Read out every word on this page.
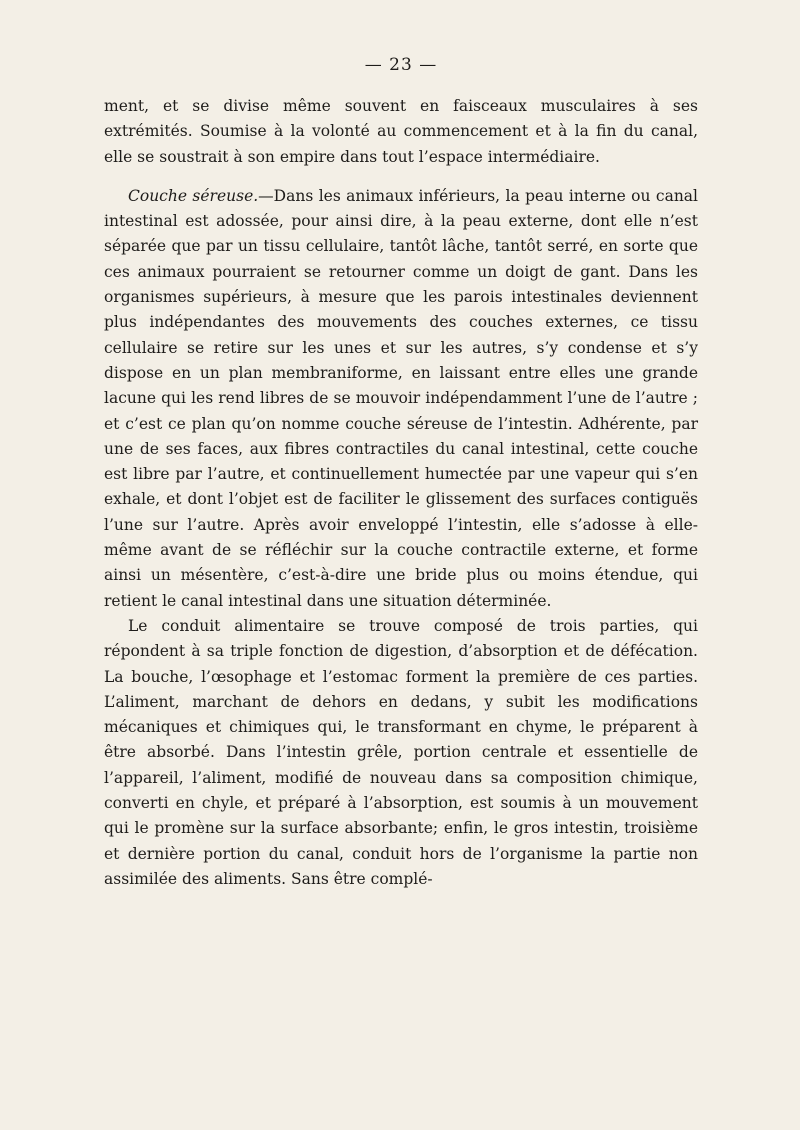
— 23 —

ment, et se divise même souvent en faisceaux musculaires à ses extrémités. Soumise à la volonté au commencement et à la fin du canal, elle se soustrait à son empire dans tout l’espace intermédiaire.

Couche séreuse.—Dans les animaux inférieurs, la peau interne ou canal intestinal est adossée, pour ainsi dire, à la peau externe, dont elle n’est séparée que par un tissu cellulaire, tantôt lâche, tantôt serré, en sorte que ces animaux pourraient se retourner comme un doigt de gant. Dans les organismes supérieurs, à mesure que les parois intestinales deviennent plus indépendantes des mouvements des couches externes, ce tissu cellulaire se retire sur les unes et sur les autres, s’y condense et s’y dispose en un plan membraniforme, en laissant entre elles une grande lacune qui les rend libres de se mouvoir indépendamment l’une de l’autre ; et c’est ce plan qu’on nomme couche séreuse de l’intestin. Adhérente, par une de ses faces, aux fibres contractiles du canal intestinal, cette couche est libre par l’autre, et continuellement humectée par une vapeur qui s’en exhale, et dont l’objet est de faciliter le glissement des surfaces contiguës l’une sur l’autre. Après avoir enveloppé l’intestin, elle s’adosse à elle-même avant de se réfléchir sur la couche contractile externe, et forme ainsi un mésentère, c’est-à-dire une bride plus ou moins étendue, qui retient le canal intestinal dans une situation déterminée.

Le conduit alimentaire se trouve composé de trois parties, qui répondent à sa triple fonction de digestion, d’absorption et de défécation. La bouche, l’œsophage et l’estomac forment la première de ces parties. L’aliment, marchant de dehors en dedans, y subit les modifications mécaniques et chimiques qui, le transformant en chyme, le préparent à être absorbé. Dans l’intestin grêle, portion centrale et essentielle de l’appareil, l’aliment, modifié de nouveau dans sa composition chimique, converti en chyle, et préparé à l’absorption, est soumis à un mouvement qui le promène sur la surface absorbante; enfin, le gros intestin, troisième et dernière portion du canal, conduit hors de l’organisme la partie non assimilée des aliments. Sans être complé-
